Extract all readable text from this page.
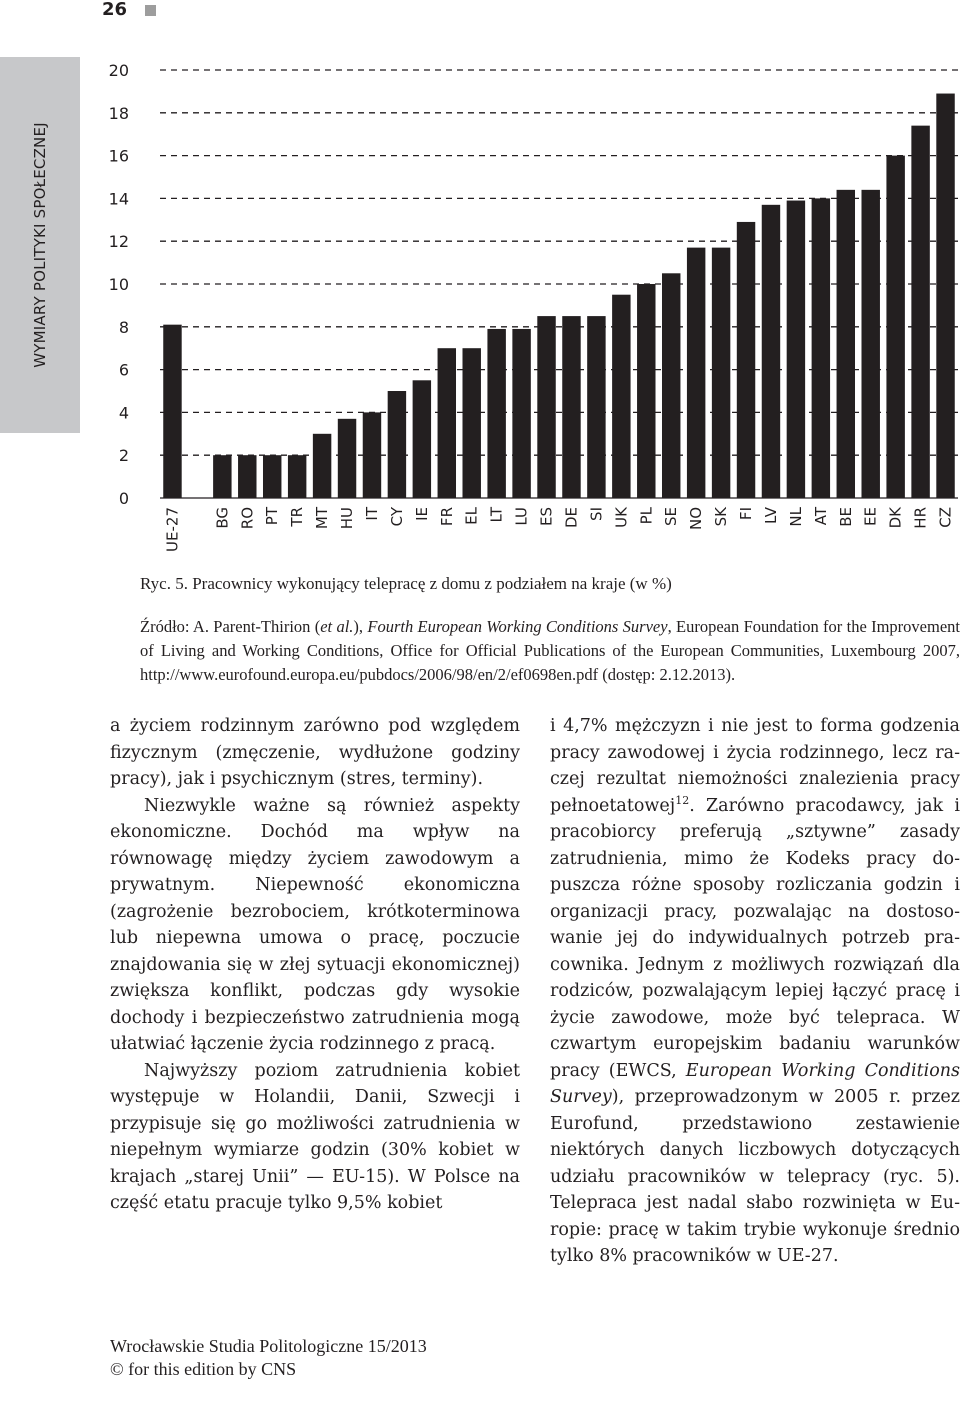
26
WYMIARY POLITYKI SPOŁECZNEJ
0
2
4
6
8
10
12
14
16
18
20
UE-27 BG RO PT TR MT HU IT CY IE FR EL LT LU ES DE SI UK PL SE NO SK FI LV NL AT BE EE DK HR CZ
Ryc. 5. Pracownicy wykonujący telepracę z domu z podziałem na kraje (w %)
Źródło: A. Parent-Thirion (et al.), Fourth European Working Conditions Survey, European Foundation for the Improvement of Living and Working Conditions, Office for Official Publications of the European Communities, Luxembourg 2007, http://www.eurofound.europa.eu/pubdocs/2006/98/en/2/ef0698en.pdf (dostęp: 2.12.2013).

a życiem rodzinnym zarówno pod względem fizycznym (zmęczenie, wydłużone godziny pracy), jak i psychicznym (stres, terminy).

Niezwykle ważne są również aspekty ekonomiczne. Dochód ma wpływ na równowagę między życiem zawodowym a prywatnym. Niepewność ekonomiczna (zagrożenie bezrobociem, krótkoterminowa lub niepewna umowa o pracę, poczucie znajdowania się w złej sytuacji ekonomicznej) zwiększa konflikt, podczas gdy wysokie dochody i bezpieczeństwo zatrudnienia mogą ułatwiać łączenie życia rodzinnego z pracą.

Najwyższy poziom zatrudnienia kobiet występuje w Holandii, Danii, Szwecji i przypisuje się go możliwości zatrudnienia w niepełnym wymiarze godzin (30% kobiet w krajach „starej Unii” — EU-15). W Polsce na część etatu pracuje tylko 9,5% kobiet

i 4,7% mężczyzn i nie jest to forma godzenia pracy zawodowej i życia rodzinnego, lecz raczej rezultat niemożności znalezienia pracy pełnoetatowej$^{12}$. Zarówno pracodawcy, jak i pracobiorcy preferują „sztywne” zasady zatrudnienia, mimo że Kodeks pracy dopuszcza różne sposoby rozliczania godzin i organizacji pracy, pozwalając na dostosowanie jej do indywidualnych potrzeb pracownika. Jednym z możliwych rozwiązań dla rodziców, pozwalającym lepiej łączyć pracę i życie zawodowe, może być telepraca. W czwartym europejskim badaniu warunków pracy (EWCS, European Working Conditions Survey), przeprowadzonym w 2005 r. przez Eurofund, przedstawiono zestawienie niektórych danych liczbowych dotyczących udziału pracowników w telepracy (ryc. 5). Telepraca jest nadal słabo rozwinięta w Europie: pracę w takim trybie wykonuje średnio tylko 8% pracowników w UE-27.

Wrocławskie Studia Politologiczne 15/2013
© for this edition by CNS
